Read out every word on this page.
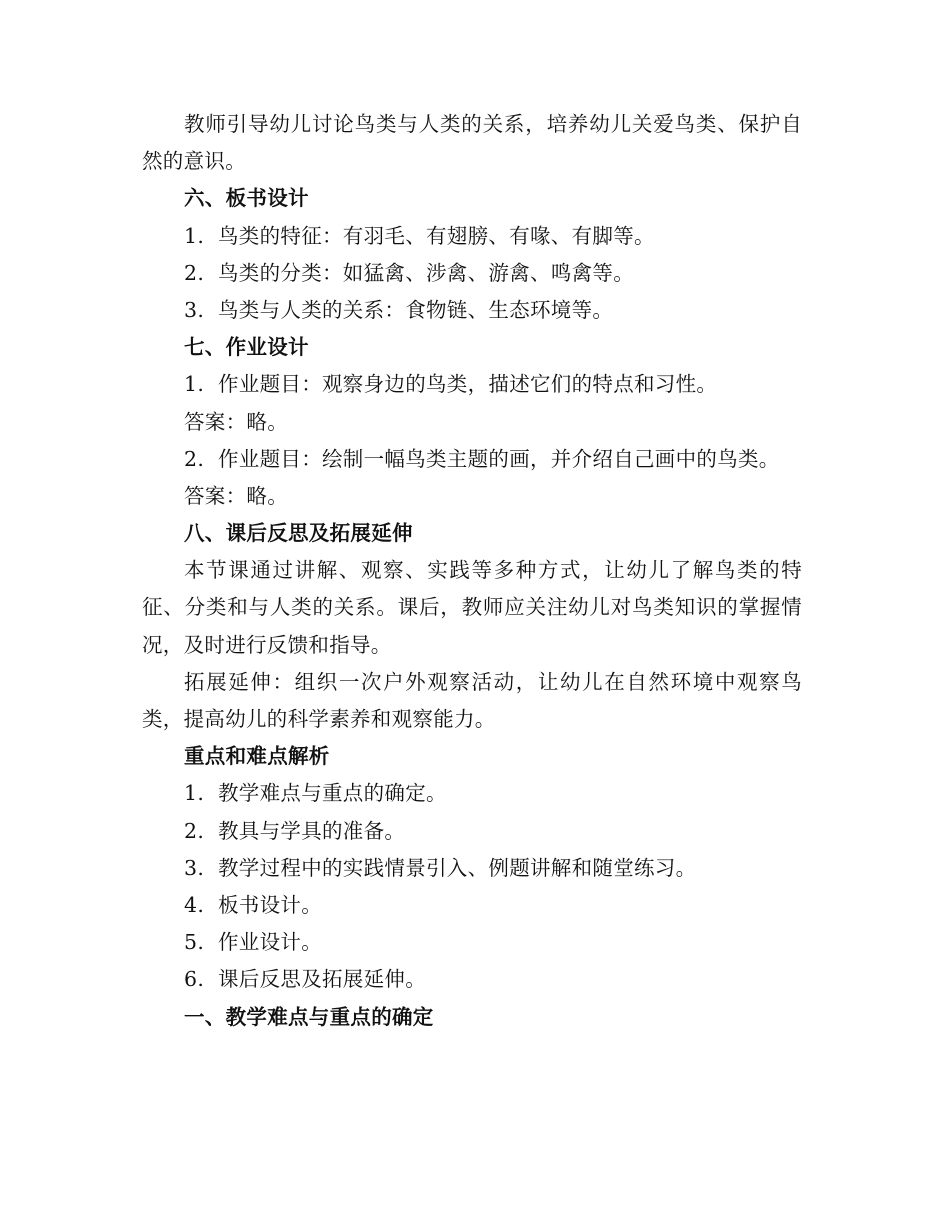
教师引导幼儿讨论鸟类与人类的关系，培养幼儿关爱鸟类、保护自然的意识。
六、板书设计
1. 鸟类的特征：有羽毛、有翅膀、有喙、有脚等。
2. 鸟类的分类：如猛禽、涉禽、游禽、鸣禽等。
3. 鸟类与人类的关系：食物链、生态环境等。
七、作业设计
1. 作业题目：观察身边的鸟类，描述它们的特点和习性。
答案：略。
2. 作业题目：绘制一幅鸟类主题的画，并介绍自己画中的鸟类。
答案：略。
八、课后反思及拓展延伸
本节课通过讲解、观察、实践等多种方式，让幼儿了解鸟类的特征、分类和与人类的关系。课后，教师应关注幼儿对鸟类知识的掌握情况，及时进行反馈和指导。
拓展延伸：组织一次户外观察活动，让幼儿在自然环境中观察鸟类，提高幼儿的科学素养和观察能力。
重点和难点解析
1. 教学难点与重点的确定。
2. 教具与学具的准备。
3. 教学过程中的实践情景引入、例题讲解和随堂练习。
4. 板书设计。
5. 作业设计。
6. 课后反思及拓展延伸。
一、教学难点与重点的确定
